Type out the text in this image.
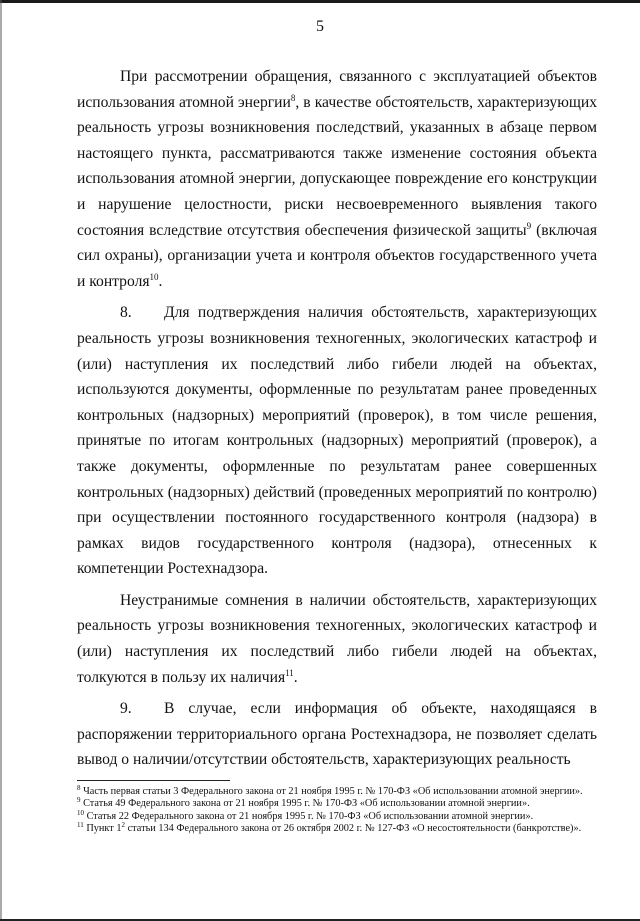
5

При рассмотрении обращения, связанного с эксплуатацией объектов использования атомной энергии$^8$, в качестве обстоятельств, характеризующих реальность угрозы возникновения последствий, указанных в абзаце первом настоящего пункта, рассматриваются также изменение состояния объекта использования атомной энергии, допускающее повреждение его конструкции и нарушение целостности, риски несвоевременного выявления такого состояния вследствие отсутствия обеспечения физической защиты$^9$ (включая сил охраны), организации учета и контроля объектов государственного учета и контроля$^{10}$.

8. Для подтверждения наличия обстоятельств, характеризующих реальность угрозы возникновения техногенных, экологических катастроф и (или) наступления их последствий либо гибели людей на объектах, используются документы, оформленные по результатам ранее проведенных контрольных (надзорных) мероприятий (проверок), в том числе решения, принятые по итогам контрольных (надзорных) мероприятий (проверок), а также документы, оформленные по результатам ранее совершенных контрольных (надзорных) действий (проведенных мероприятий по контролю) при осуществлении постоянного государственного контроля (надзора) в рамках видов государственного контроля (надзора), отнесенных к компетенции Ростехнадзора.

Неустранимые сомнения в наличии обстоятельств, характеризующих реальность угрозы возникновения техногенных, экологических катастроф и (или) наступления их последствий либо гибели людей на объектах, толкуются в пользу их наличия$^{11}$.

9. В случае, если информация об объекте, находящаяся в распоряжении территориального органа Ростехнадзора, не позволяет сделать вывод о наличии/отсутствии обстоятельств, характеризующих реальность

$^8$ Часть первая статьи 3 Федерального закона от 21 ноября 1995 г. № 170-ФЗ «Об использовании атомной энергии».

$^9$ Статья 49 Федерального закона от 21 ноября 1995 г. № 170-ФЗ «Об использовании атомной энергии».

$^{10}$ Статья 22 Федерального закона от 21 ноября 1995 г. № 170-ФЗ «Об использовании атомной энергии».

$^{11}$ Пункт $1^2$ статьи 134 Федерального закона от 26 октября 2002 г. № 127-ФЗ «О несостоятельности (банкротстве)».
